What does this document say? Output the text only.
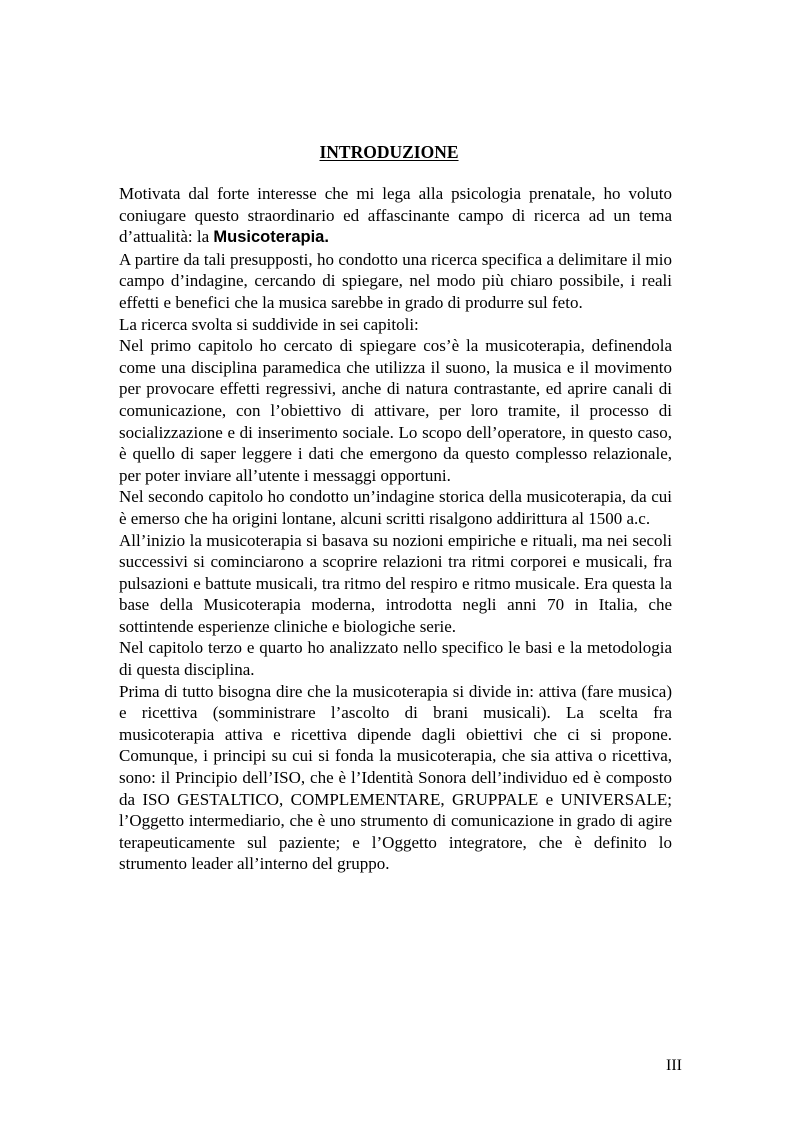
INTRODUZIONE

Motivata dal forte interesse che mi lega alla psicologia prenatale, ho voluto coniugare questo straordinario ed affascinante campo di ricerca ad un tema d’attualità: la Musicoterapia.

A partire da tali presupposti, ho condotto una ricerca specifica a delimitare il mio campo d’indagine, cercando di spiegare, nel modo più chiaro possibile, i reali effetti e benefici che la musica sarebbe in grado di produrre sul feto.

La ricerca svolta si suddivide in sei capitoli:

Nel primo capitolo ho cercato di spiegare cos’è la musicoterapia, definendola come una disciplina paramedica che utilizza il suono, la musica e il movimento per provocare effetti regressivi, anche di natura contrastante, ed aprire canali di comunicazione, con l’obiettivo di attivare, per loro tramite, il processo di socializzazione e di inserimento sociale. Lo scopo dell’operatore, in questo caso, è quello di saper leggere i dati che emergono da questo complesso relazionale, per poter inviare all’utente i messaggi opportuni.

Nel secondo capitolo ho condotto un’indagine storica della musicoterapia, da cui è emerso che ha origini lontane, alcuni scritti risalgono addirittura al 1500 a.c.

All’inizio la musicoterapia si basava su nozioni empiriche e rituali, ma nei secoli successivi si cominciarono a scoprire relazioni tra ritmi corporei e musicali, fra pulsazioni e battute musicali, tra ritmo del respiro e ritmo musicale. Era questa la base della Musicoterapia moderna, introdotta negli anni 70 in Italia, che sottintende esperienze cliniche e biologiche serie.

Nel capitolo terzo e quarto ho analizzato nello specifico le basi e la metodologia di questa disciplina.

Prima di tutto bisogna dire che la musicoterapia si divide in: attiva (fare musica) e ricettiva (somministrare l’ascolto di brani musicali). La scelta fra musicoterapia attiva e ricettiva dipende dagli obiettivi che ci si propone. Comunque, i principi su cui si fonda la musicoterapia, che sia attiva o ricettiva, sono: il Principio dell’ISO, che è l’Identità Sonora dell’individuo ed è composto da ISO GESTALTICO, COMPLEMENTARE, GRUPPALE e UNIVERSALE; l’Oggetto intermediario, che è uno strumento di comunicazione in grado di agire terapeuticamente sul paziente; e l’Oggetto integratore, che è definito lo strumento leader all’interno del gruppo.

III
